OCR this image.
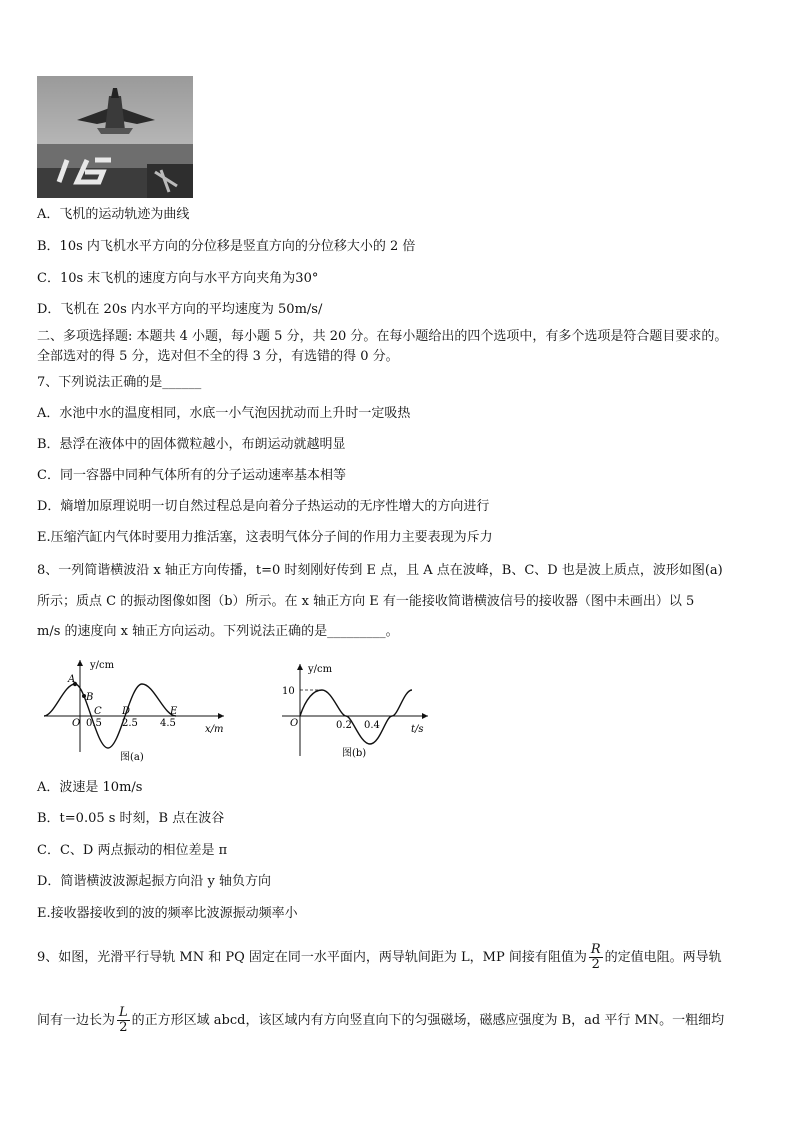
A．飞机的运动轨迹为曲线
B．10s 内飞机水平方向的分位移是竖直方向的分位移大小的 2 倍
C．10s 末飞机的速度方向与水平方向夹角为30°
D．飞机在 20s 内水平方向的平均速度为 50m/s/
二、多项选择题: 本题共 4 小题，每小题 5 分，共 20 分。在每小题给出的四个选项中，有多个选项是符合题目要求的。
全部选对的得 5 分，选对但不全的得 3 分，有选错的得 0 分。
7、下列说法正确的是______
A．水池中水的温度相同，水底一小气泡因扰动而上升时一定吸热
B．悬浮在液体中的固体微粒越小，布朗运动就越明显
C．同一容器中同种气体所有的分子运动速率基本相等
D．熵增加原理说明一切自然过程总是向着分子热运动的无序性增大的方向进行
E.压缩汽缸内气体时要用力推活塞，这表明气体分子间的作用力主要表现为斥力
8、一列简谐横波沿 x 轴正方向传播，t=0 时刻刚好传到 E 点，且 A 点在波峰，B、C、D 也是波上质点，波形如图(a)
所示；质点 C 的振动图像如图（b）所示。在 x 轴正方向 E 有一能接收简谐横波信号的接收器（图中未画出）以 5
m/s 的速度向 x 轴正方向运动。下列说法正确的是_________。
y/cm
x/m
O
A
B
C D	E
0.5 2.5 4.5
图(a)
y/cm
t/s
O
10
0.2 0.4
图(b)
A．波速是 10m/s
B．t=0.05 s 时刻，B 点在波谷
C．C、D 两点振动的相位差是 π
D．简谐横波波源起振方向沿 y 轴负方向
E.接收器接收到的波的频率比波源振动频率小
9、如图，光滑平行导轨 MN 和 PQ 固定在同一水平面内，两导轨间距为 L，MP 间接有阻值为 $\frac{R}{2}$ 的定值电阻。两导轨
间有一边长为 $\frac{L}{2}$ 的正方形区域 abcd，该区域内有方向竖直向下的匀强磁场，磁感应强度为 B，ad 平行 MN。一粗细均
